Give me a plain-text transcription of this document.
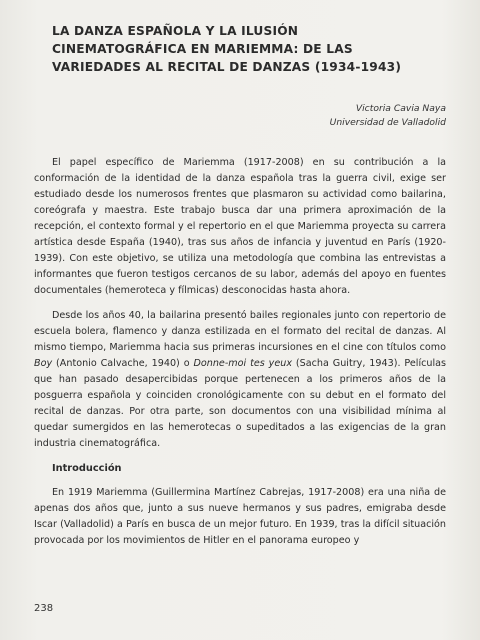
LA DANZA ESPAÑOLA Y LA ILUSIÓN CINEMATOGRÁFICA EN MARIEMMA: DE LAS VARIEDADES AL RECITAL DE DANZAS (1934-1943)
Victoria Cavia Naya
Universidad de Valladolid

El papel específico de Mariemma (1917-2008) en su contribución a la conformación de la identidad de la danza española tras la guerra civil, exige ser estudiado desde los numerosos frentes que plasmaron su actividad como bailarina, coreógrafa y maestra. Este trabajo busca dar una primera aproximación de la recepción, el contexto formal y el repertorio en el que Mariemma proyecta su carrera artística desde España (1940), tras sus años de infancia y juventud en París (1920-1939). Con este objetivo, se utiliza una metodología que combina las entrevistas a informantes que fueron testigos cercanos de su labor, además del apoyo en fuentes documentales (hemeroteca y fílmicas) desconocidas hasta ahora.

Desde los años 40, la bailarina presentó bailes regionales junto con repertorio de escuela bolera, flamenco y danza estilizada en el formato del recital de danzas. Al mismo tiempo, Mariemma hacia sus primeras incursiones en el cine con títulos como Boy (Antonio Calvache, 1940) o Donne-moi tes yeux (Sacha Guitry, 1943). Películas que han pasado desapercibidas porque pertenecen a los primeros años de la posguerra española y coinciden cronológicamente con su debut en el formato del recital de danzas. Por otra parte, son documentos con una visibilidad mínima al quedar sumergidos en las hemerotecas o supeditados a las exigencias de la gran industria cinematográfica.

Introducción

En 1919 Mariemma (Guillermina Martínez Cabrejas, 1917-2008) era una niña de apenas dos años que, junto a sus nueve hermanos y sus padres, emigraba desde Iscar (Valladolid) a París en busca de un mejor futuro. En 1939, tras la difícil situación provocada por los movimientos de Hitler en el panorama europeo y

238
